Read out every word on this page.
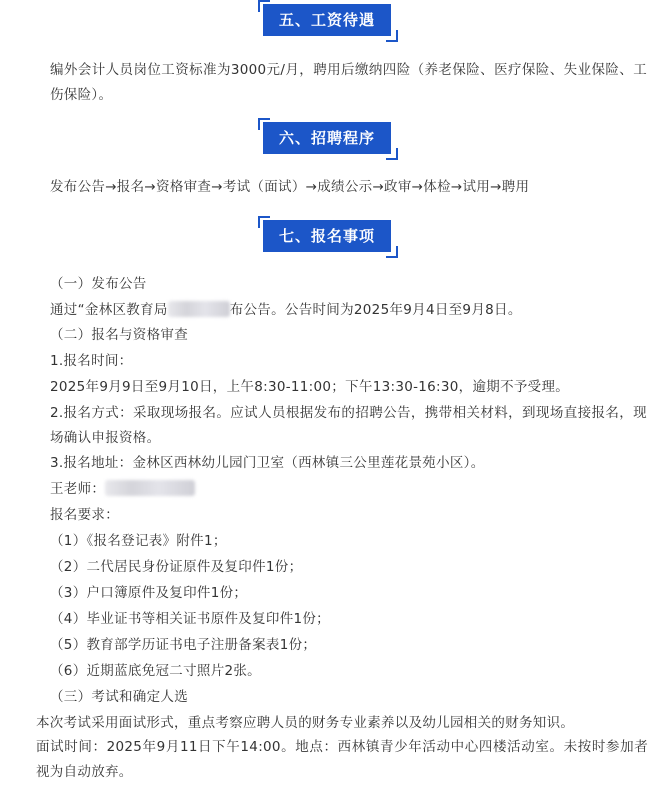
五、工资待遇

编外会计人员岗位工资标准为3000元/月，聘用后缴纳四险（养老保险、医疗保险、失业保险、工伤保险）。

六、招聘程序
发布公告→报名→资格审查→考试（面试）→成绩公示→政审→体检→试用→聘用
七、报名事项
（一）发布公告
通过“金林区教育局	布公告。公告时间为2025年9月4日至9月8日。
（二）报名与资格审查
1.报名时间：
2025年9月9日至9月10日，上午8:30-11:00；下午13:30-16:30，逾期不予受理。

2.报名方式：采取现场报名。应试人员根据发布的招聘公告，携带相关材料，到现场直接报名，现场确认申报资格。

3.报名地址：金林区西林幼儿园门卫室（西林镇三公里莲花景苑小区）。
王老师：
报名要求：
（1）《报名登记表》附件1；
（2）二代居民身份证原件及复印件1份；
（3）户口簿原件及复印件1份；
（4）毕业证书等相关证书原件及复印件1份；
（5）教育部学历证书电子注册备案表1份；
（6）近期蓝底免冠二寸照片2张。
（三）考试和确定人选
本次考试采用面试形式，重点考察应聘人员的财务专业素养以及幼儿园相关的财务知识。

面试时间：2025年9月11日下午14:00。地点：西林镇青少年活动中心四楼活动室。未按时参加者视为自动放弃。
